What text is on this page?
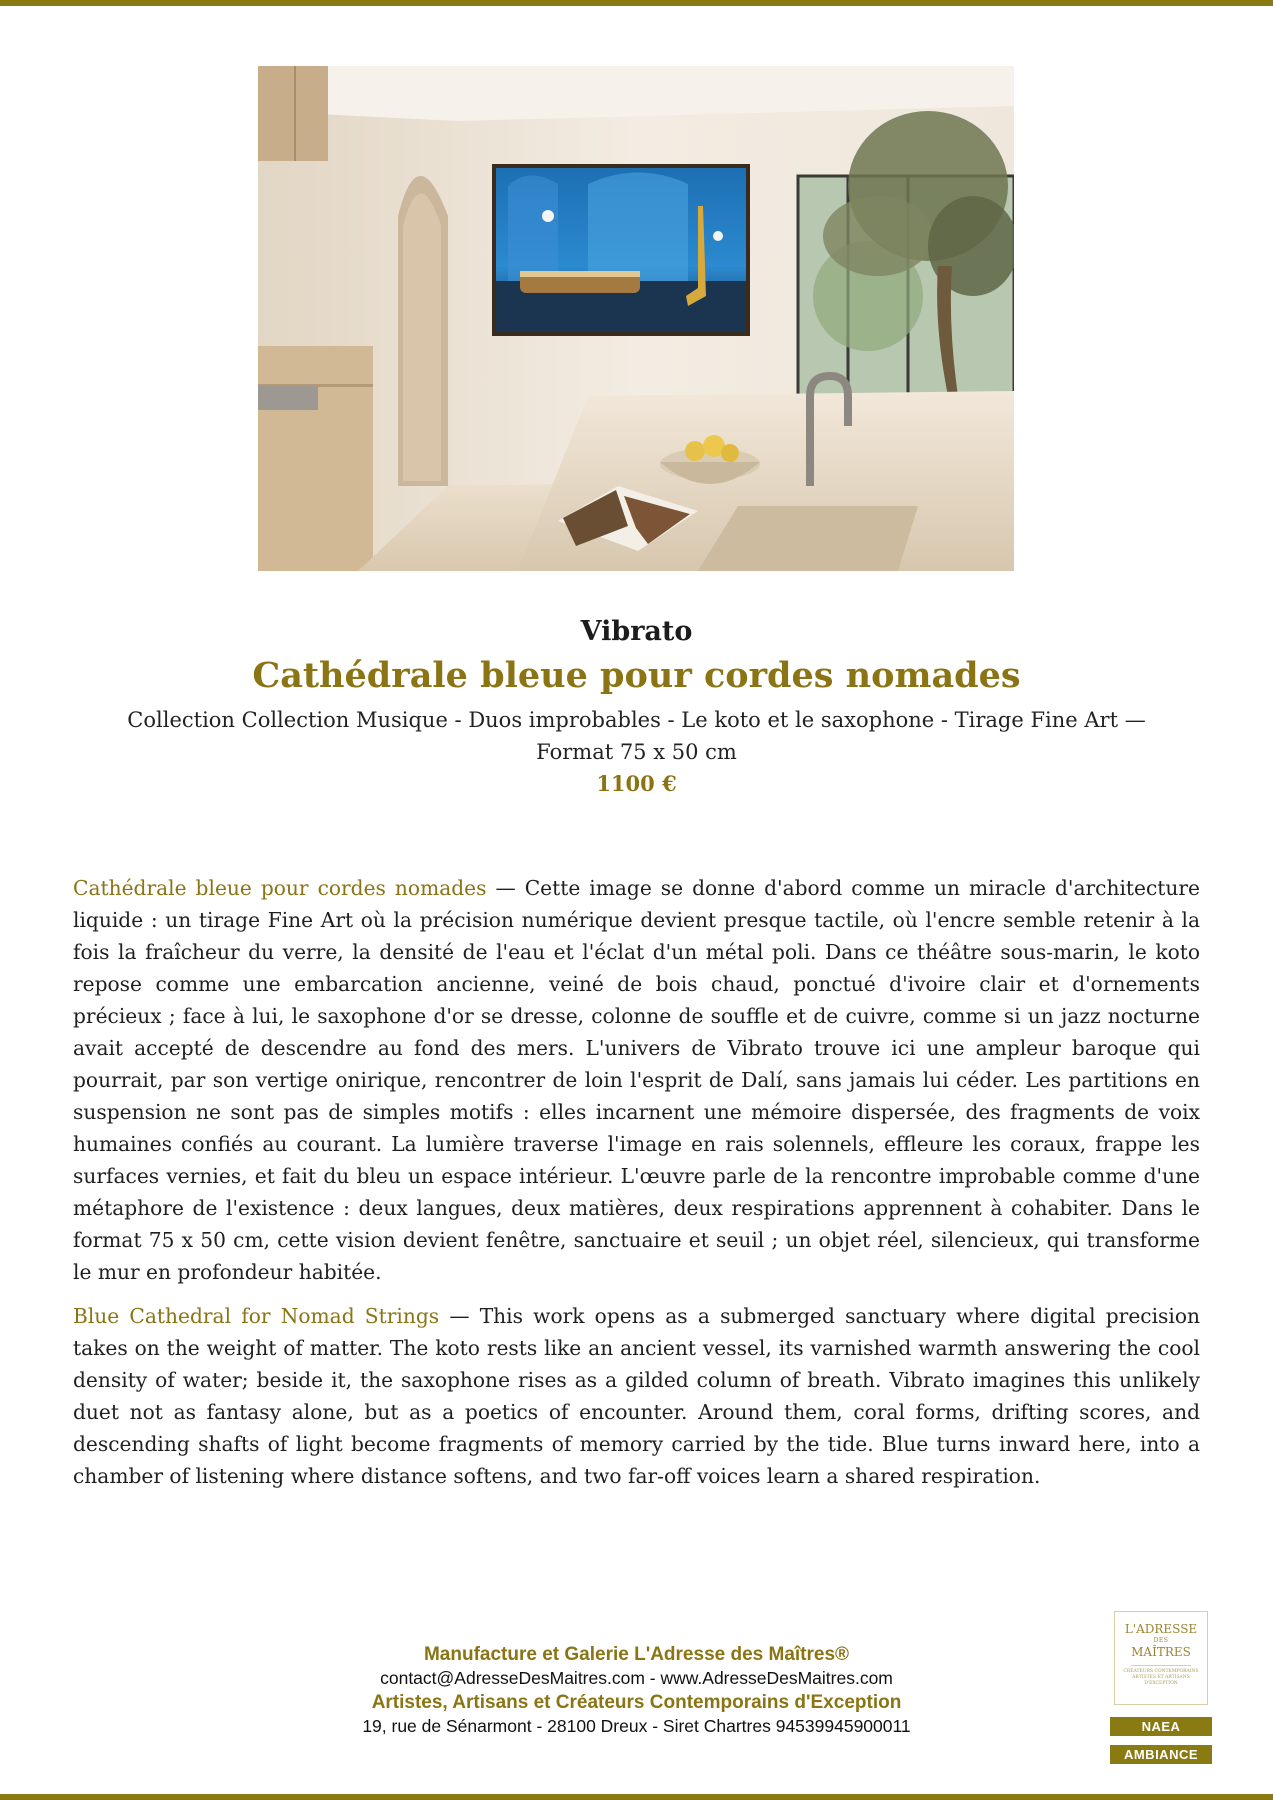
Vibrato
Cathédrale bleue pour cordes nomades
Collection Collection Musique - Duos improbables - Le koto et le saxophone - Tirage Fine Art — Format 75 x 50 cm
1100 €

Cathédrale bleue pour cordes nomades — Cette image se donne d'abord comme un miracle d'architecture liquide : un tirage Fine Art où la précision numérique devient presque tactile, où l'encre semble retenir à la fois la fraîcheur du verre, la densité de l'eau et l'éclat d'un métal poli. Dans ce théâtre sous-marin, le koto repose comme une embarcation ancienne, veiné de bois chaud, ponctué d'ivoire clair et d'ornements précieux ; face à lui, le saxophone d'or se dresse, colonne de souffle et de cuivre, comme si un jazz nocturne avait accepté de descendre au fond des mers. L'univers de Vibrato trouve ici une ampleur baroque qui pourrait, par son vertige onirique, rencontrer de loin l'esprit de Dalí, sans jamais lui céder. Les partitions en suspension ne sont pas de simples motifs : elles incarnent une mémoire dispersée, des fragments de voix humaines confiés au courant. La lumière traverse l'image en rais solennels, effleure les coraux, frappe les surfaces vernies, et fait du bleu un espace intérieur. L'œuvre parle de la rencontre improbable comme d'une métaphore de l'existence : deux langues, deux matières, deux respirations apprennent à cohabiter. Dans le format 75 x 50 cm, cette vision devient fenêtre, sanctuaire et seuil ; un objet réel, silencieux, qui transforme le mur en profondeur habitée.

Blue Cathedral for Nomad Strings — This work opens as a submerged sanctuary where digital precision takes on the weight of matter. The koto rests like an ancient vessel, its varnished warmth answering the cool density of water; beside it, the saxophone rises as a gilded column of breath. Vibrato imagines this unlikely duet not as fantasy alone, but as a poetics of encounter. Around them, coral forms, drifting scores, and descending shafts of light become fragments of memory carried by the tide. Blue turns inward here, into a chamber of listening where distance softens, and two far-off voices learn a shared respiration.

Manufacture et Galerie L'Adresse des Maîtres®
contact@AdresseDesMaitres.com - www.AdresseDesMaitres.com
Artistes, Artisans et Créateurs Contemporains d'Exception
19, rue de Sénarmont - 28100 Dreux - Siret Chartres 94539945900011
L'ADRESSE
DES
MAÎTRES
CRÉATEURS CONTEMPORAINS ARTISTES ET ARTISANS D'EXCEPTION
NAEA
AMBIANCE
